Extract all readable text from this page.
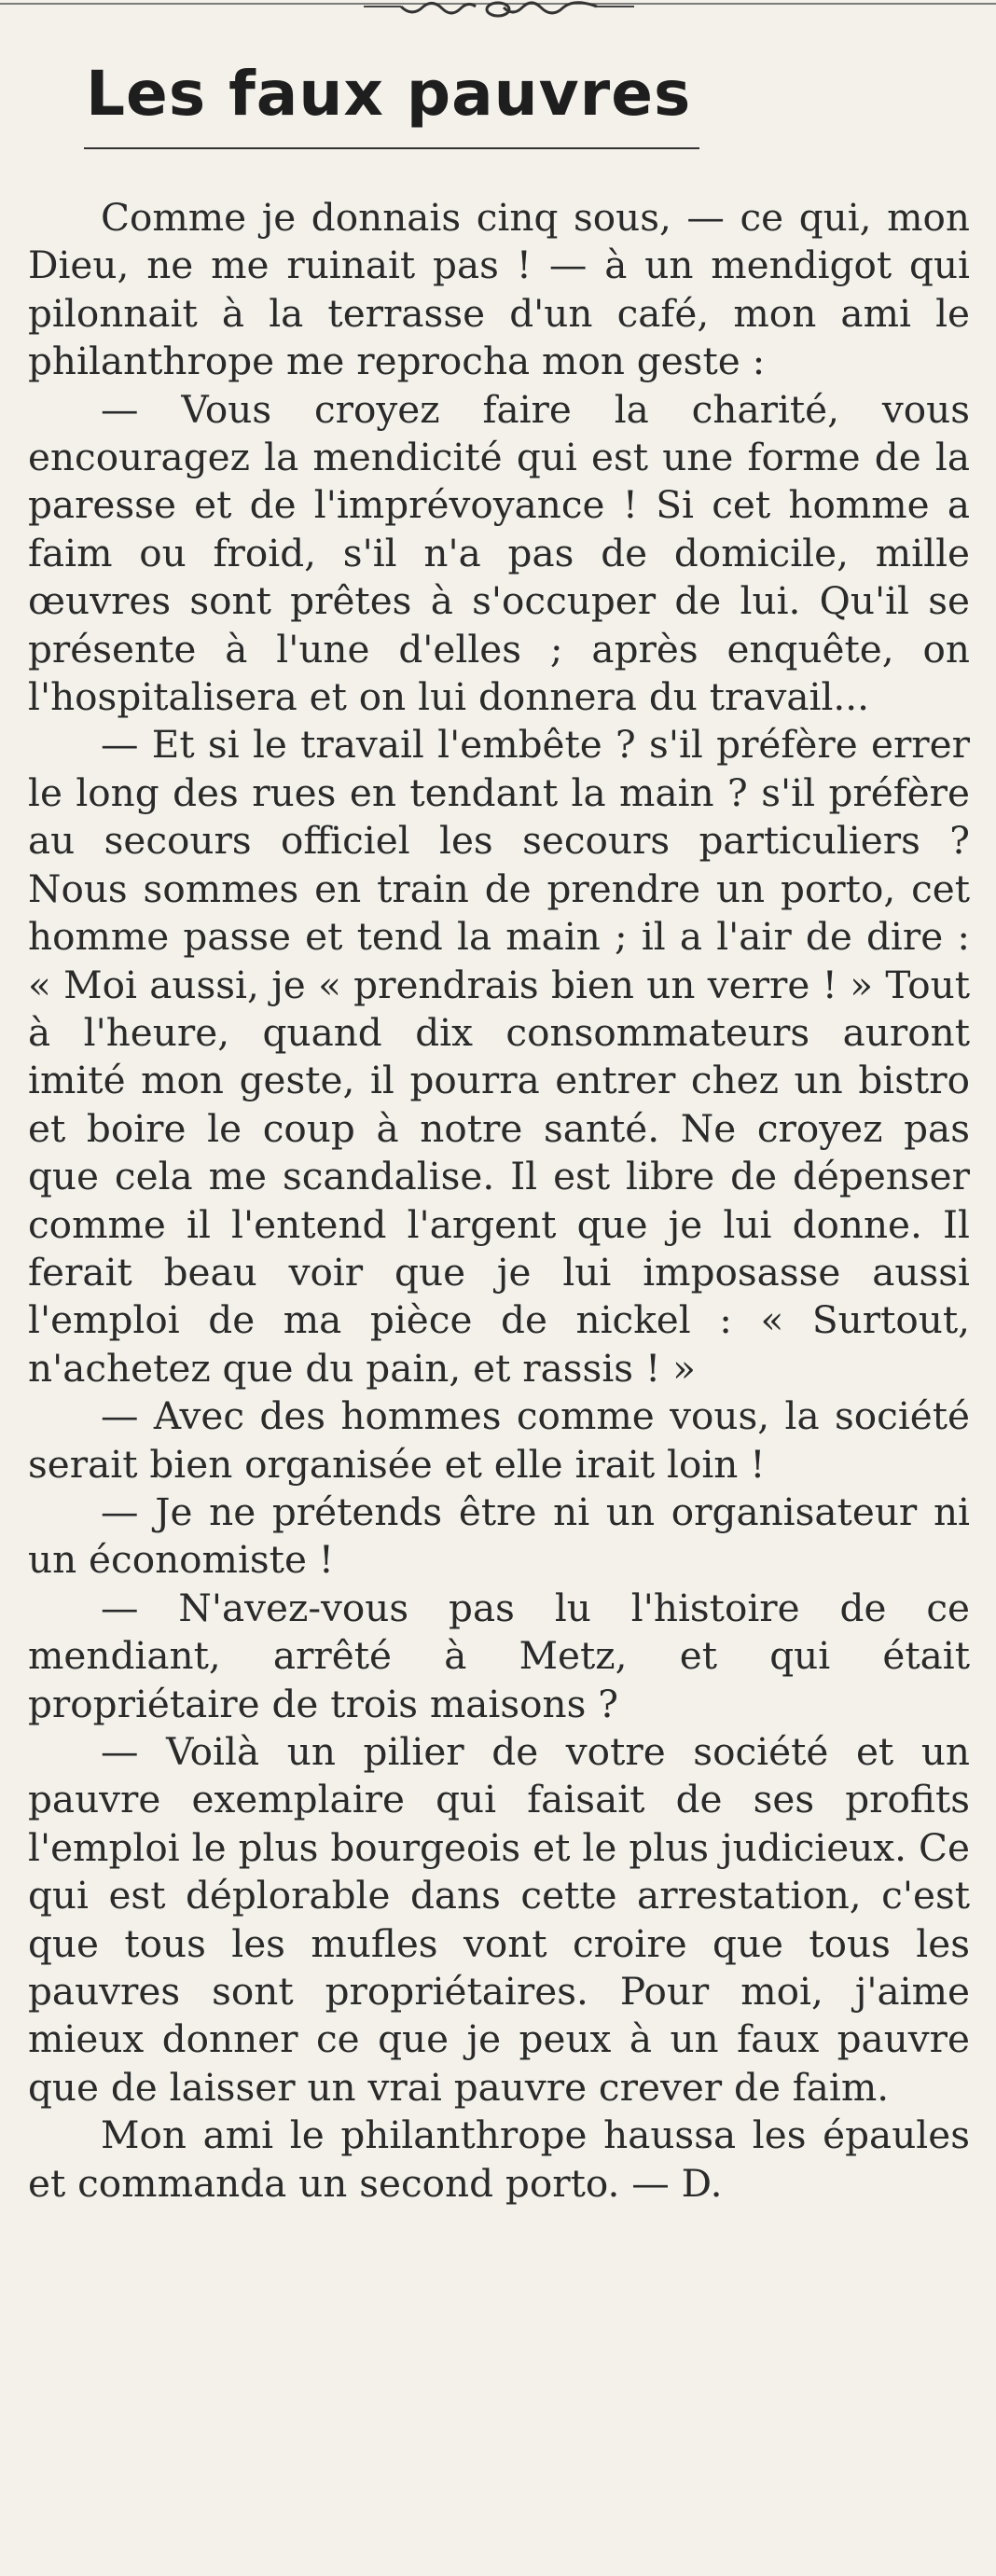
Les faux pauvres

Comme je donnais cinq sous, — ce qui, mon Dieu, ne me ruinait pas ! — à un mendigot qui pilonnait à la terrasse d'un café, mon ami le philanthrope me reprocha mon geste :

— Vous croyez faire la charité, vous encouragez la mendicité qui est une forme de la paresse et de l'imprévoyance ! Si cet homme a faim ou froid, s'il n'a pas de domicile, mille œuvres sont prêtes à s'occuper de lui. Qu'il se présente à l'une d'elles ; après enquête, on l'hospitalisera et on lui donnera du travail...

— Et si le travail l'embête ? s'il préfère errer le long des rues en tendant la main ? s'il préfère au secours officiel les secours particuliers ? Nous sommes en train de prendre un porto, cet homme passe et tend la main ; il a l'air de dire : « Moi aussi, je « prendrais bien un verre ! » Tout à l'heure, quand dix consommateurs auront imité mon geste, il pourra entrer chez un bistro et boire le coup à notre santé. Ne croyez pas que cela me scandalise. Il est libre de dépenser comme il l'entend l'argent que je lui donne. Il ferait beau voir que je lui imposasse aussi l'emploi de ma pièce de nickel : « Surtout, n'achetez que du pain, et rassis ! »

— Avec des hommes comme vous, la société serait bien organisée et elle irait loin !

— Je ne prétends être ni un organisateur ni un économiste !

— N'avez-vous pas lu l'histoire de ce mendiant, arrêté à Metz, et qui était propriétaire de trois maisons ?

— Voilà un pilier de votre société et un pauvre exemplaire qui faisait de ses profits l'emploi le plus bourgeois et le plus judicieux. Ce qui est déplorable dans cette arrestation, c'est que tous les mufles vont croire que tous les pauvres sont propriétaires. Pour moi, j'aime mieux donner ce que je peux à un faux pauvre que de laisser un vrai pauvre crever de faim.

Mon ami le philanthrope haussa les épaules et commanda un second porto. — D.
